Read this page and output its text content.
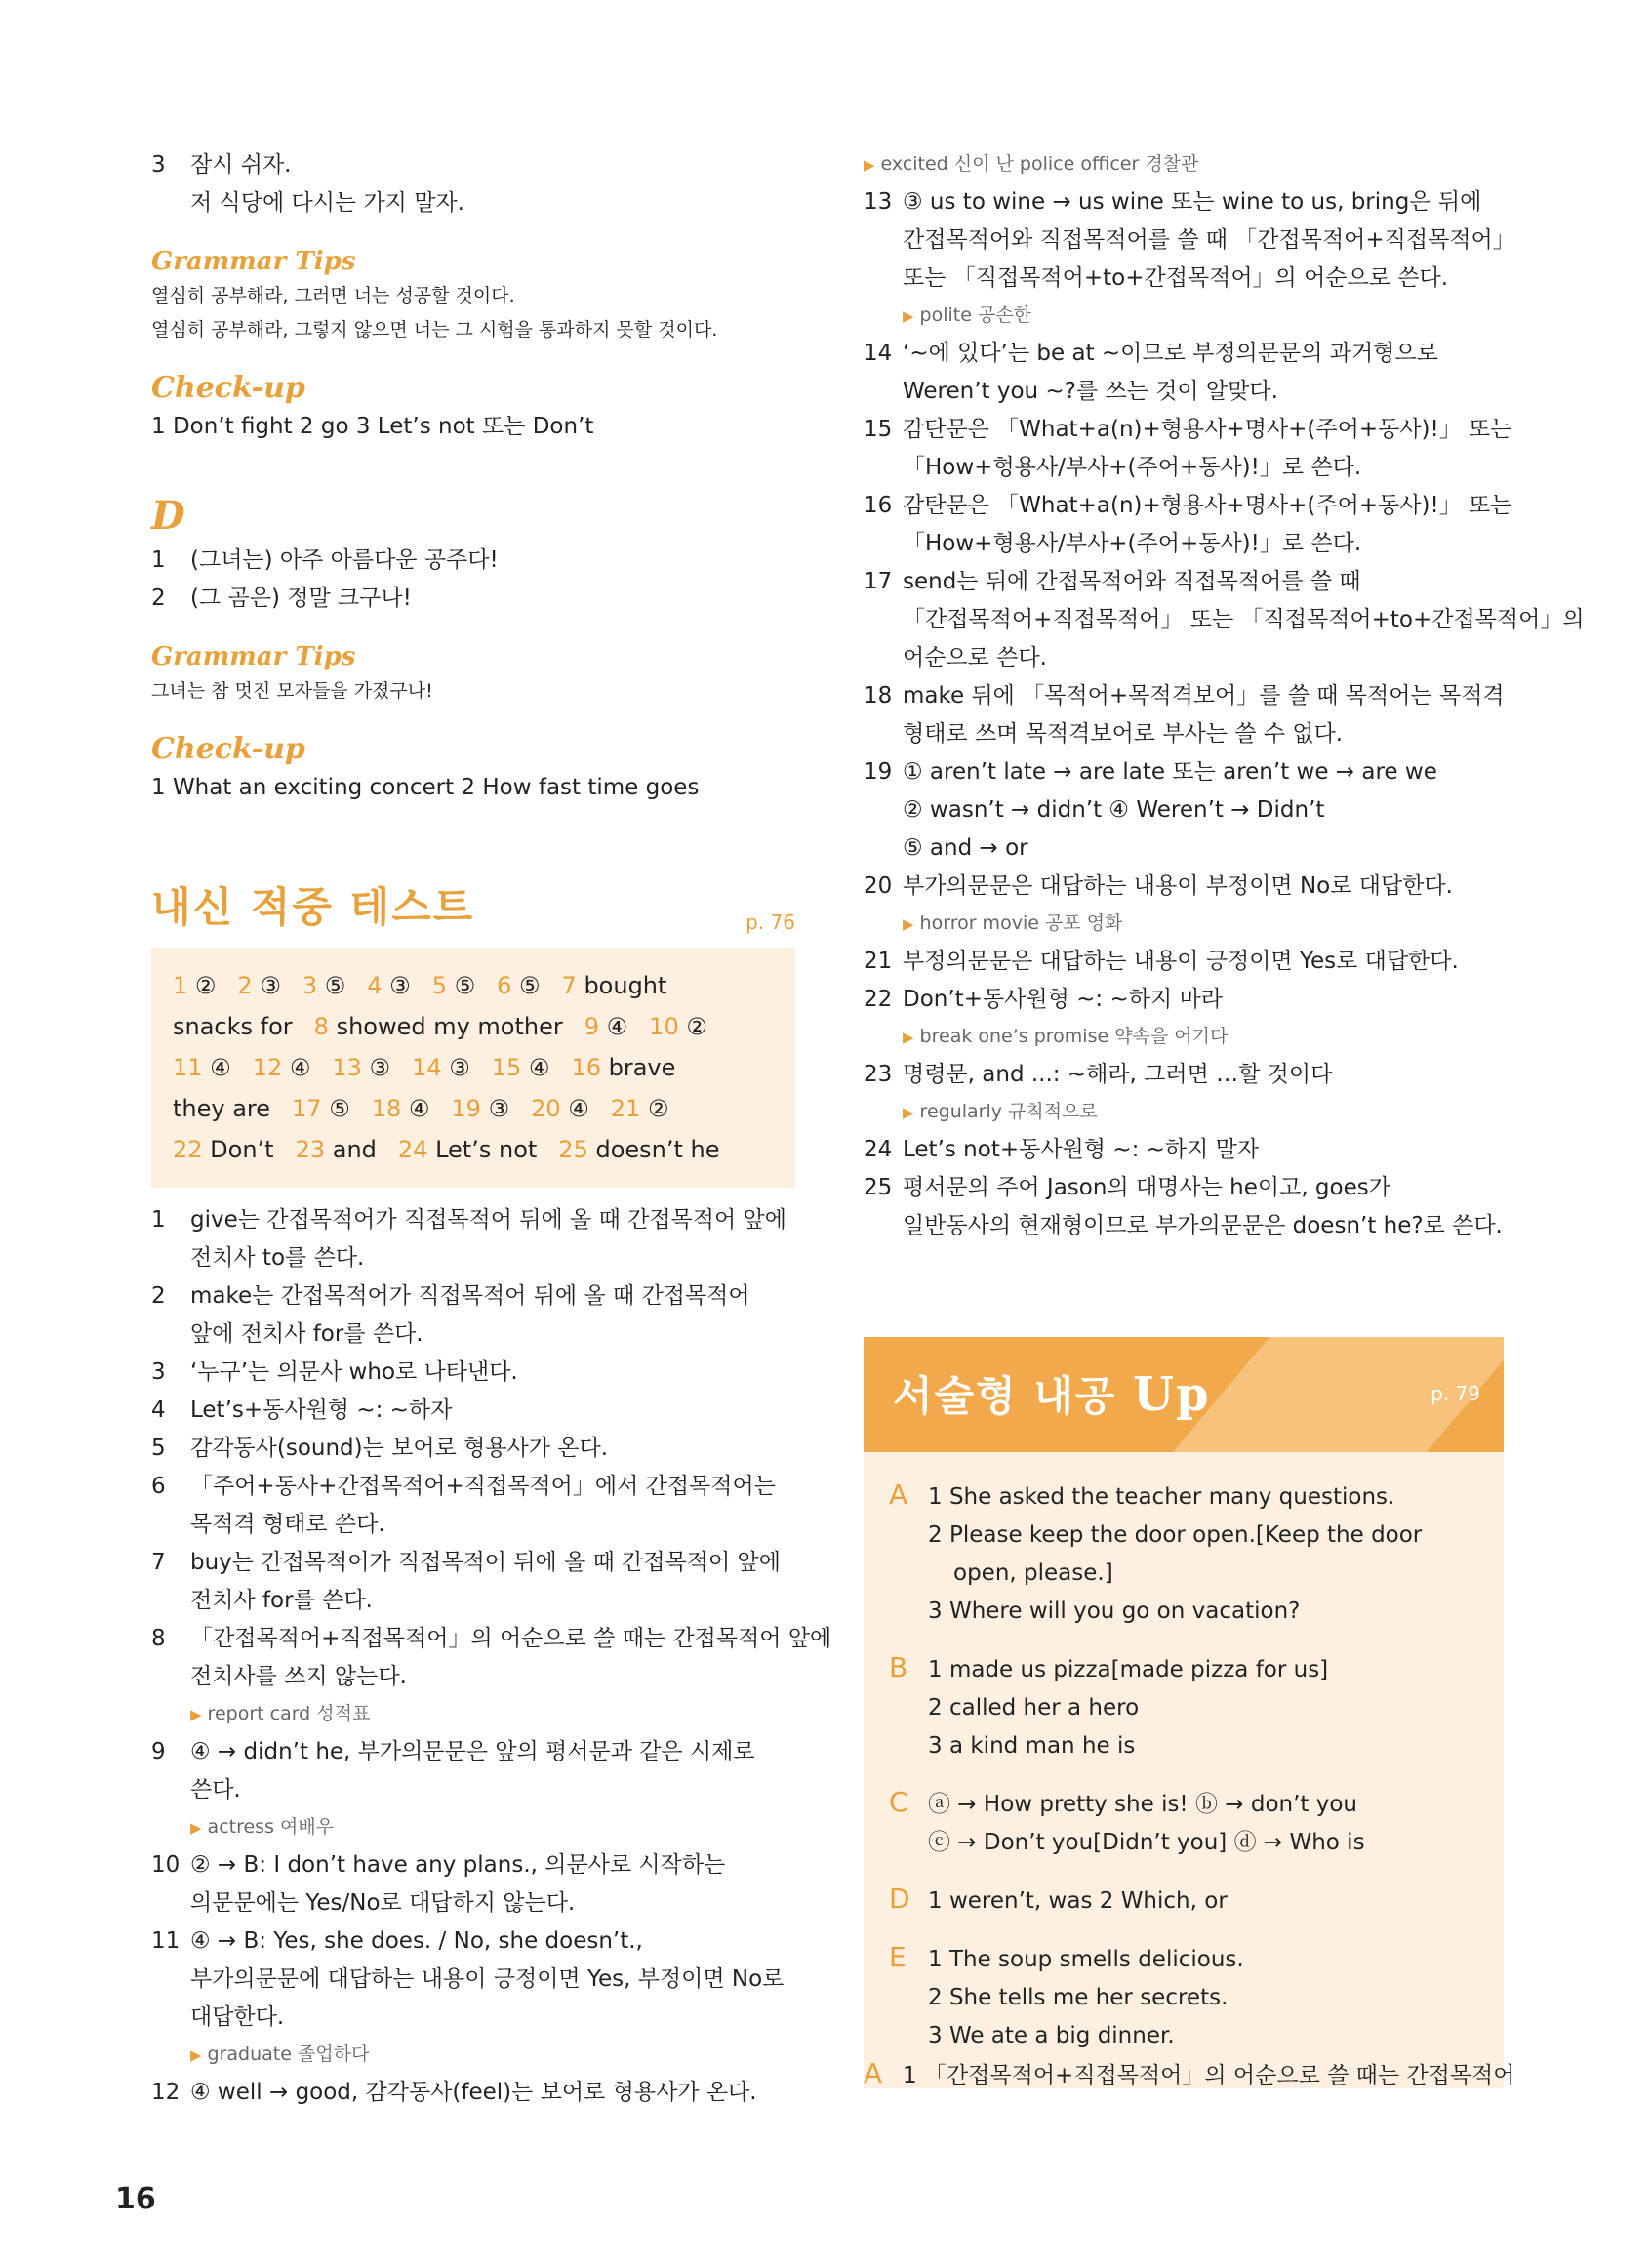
3 잠시 쉬자.
저 식당에 다시는 가지 말자.
Grammar Tips
열심히 공부해라, 그러면 너는 성공할 것이다.
열심히 공부해라, 그렇지 않으면 너는 그 시험을 통과하지 못할 것이다.
Check-up
1 Don’t fight 2 go 3 Let’s not 또는 Don’t
D
1 (그녀는) 아주 아름다운 공주다!
2 (그 곰은) 정말 크구나!
Grammar Tips
그녀는 참 멋진 모자들을 가졌구나!
Check-up
1 What an exciting concert 2 How fast time goes
내신 적중 테스트	p. 76
1 ② 2 ③ 3 ⑤ 4 ③ 5 ⑤ 6 ⑤ 7 bought
snacks for 8 showed my mother 9 ④ 10 ②
11 ④ 12 ④ 13 ③ 14 ③ 15 ④ 16 brave
they are 17 ⑤ 18 ④ 19 ③ 20 ④ 21 ②
22 Don’t 23 and 24 Let’s not 25 doesn’t he
1 give는 간접목적어가 직접목적어 뒤에 올 때 간접목적어 앞에
전치사 to를 쓴다.
2 make는 간접목적어가 직접목적어 뒤에 올 때 간접목적어
앞에 전치사 for를 쓴다.
3 ‘누구’는 의문사 who로 나타낸다.
4 Let’s+동사원형 ~: ~하자
5 감각동사(sound)는 보어로 형용사가 온다.
6 「주어+동사+간접목적어+직접목적어」에서 간접목적어는
목적격 형태로 쓴다.
7 buy는 간접목적어가 직접목적어 뒤에 올 때 간접목적어 앞에
전치사 for를 쓴다.
8 「간접목적어+직접목적어」의 어순으로 쓸 때는 간접목적어 앞에
전치사를 쓰지 않는다.
▶ report card 성적표
9 ④ → didn’t he, 부가의문문은 앞의 평서문과 같은 시제로
쓴다.
▶ actress 여배우
10 ② → B: I don’t have any plans., 의문사로 시작하는
의문문에는 Yes/No로 대답하지 않는다.
11 ④ → B: Yes, she does. / No, she doesn’t.,
부가의문문에 대답하는 내용이 긍정이면 Yes, 부정이면 No로
대답한다.
▶ graduate 졸업하다
12 ④ well → good, 감각동사(feel)는 보어로 형용사가 온다.
▶ excited 신이 난 police officer 경찰관
13 ③ us to wine → us wine 또는 wine to us, bring은 뒤에
간접목적어와 직접목적어를 쓸 때 「간접목적어+직접목적어」
또는 「직접목적어+to+간접목적어」의 어순으로 쓴다.
▶ polite 공손한
14 ‘~에 있다’는 be at ~이므로 부정의문문의 과거형으로
Weren’t you ~?를 쓰는 것이 알맞다.
15 감탄문은 「What+a(n)+형용사+명사+(주어+동사)!」 또는
「How+형용사/부사+(주어+동사)!」로 쓴다.
16 감탄문은 「What+a(n)+형용사+명사+(주어+동사)!」 또는
「How+형용사/부사+(주어+동사)!」로 쓴다.
17 send는 뒤에 간접목적어와 직접목적어를 쓸 때
「간접목적어+직접목적어」 또는 「직접목적어+to+간접목적어」의
어순으로 쓴다.
18 make 뒤에 「목적어+목적격보어」를 쓸 때 목적어는 목적격
형태로 쓰며 목적격보어로 부사는 쓸 수 없다.
19 ① aren’t late → are late 또는 aren’t we → are we
② wasn’t → didn’t ④ Weren’t → Didn’t
⑤ and → or
20 부가의문문은 대답하는 내용이 부정이면 No로 대답한다.
▶ horror movie 공포 영화
21 부정의문문은 대답하는 내용이 긍정이면 Yes로 대답한다.
22 Don’t+동사원형 ~: ~하지 마라
▶ break one’s promise 약속을 어기다
23 명령문, and ...: ~해라, 그러면 …할 것이다
▶ regularly 규칙적으로
24 Let’s not+동사원형 ~: ~하지 말자
25 평서문의 주어 Jason의 대명사는 he이고, goes가
일반동사의 현재형이므로 부가의문문은 doesn’t he?로 쓴다.
서술형 내공 Up	p. 79
A 1 She asked the teacher many questions.
2 Please keep the door open.[Keep the door
open, please.]
3 Where will you go on vacation?
B 1 made us pizza[made pizza for us]
2 called her a hero
3 a kind man he is
C ⓐ → How pretty she is! ⓑ → don’t you
ⓒ → Don’t you[Didn’t you] ⓓ → Who is
D 1 weren’t, was 2 Which, or
E 1 The soup smells delicious.
2 She tells me her secrets.
3 We ate a big dinner.
A 1 「간접목적어+직접목적어」의 어순으로 쓸 때는 간접목적어
16
